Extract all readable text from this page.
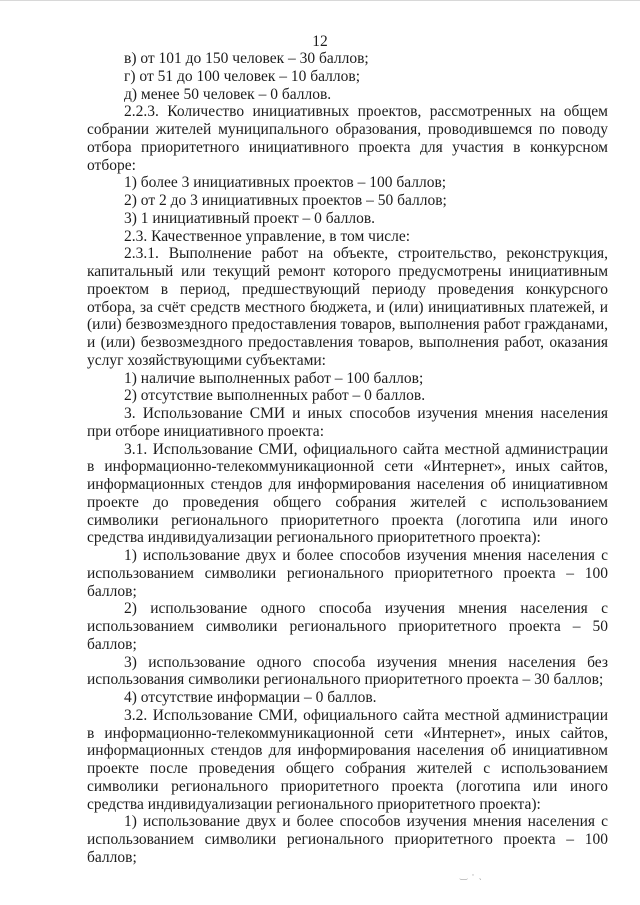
12

в) от 101 до 150 человек – 30 баллов;

г) от 51 до 100 человек – 10 баллов;

д) менее 50 человек – 0 баллов.

2.2.3. Количество инициативных проектов, рассмотренных на общем собрании жителей муниципального образования, проводившемся по поводу отбора приоритетного инициативного проекта для участия в конкурсном отборе:

1) более 3 инициативных проектов – 100 баллов;

2) от 2 до 3 инициативных проектов – 50 баллов;

3) 1 инициативный проект – 0 баллов.

2.3. Качественное управление, в том числе:

2.3.1. Выполнение работ на объекте, строительство, реконструкция, капитальный или текущий ремонт которого предусмотрены инициативным проектом в период, предшествующий периоду проведения конкурсного отбора, за счёт средств местного бюджета, и (или) инициативных платежей, и (или) безвозмездного предоставления товаров, выполнения работ гражданами, и (или) безвозмездного предоставления товаров, выполнения работ, оказания услуг хозяйствующими субъектами:

1) наличие выполненных работ – 100 баллов;

2) отсутствие выполненных работ – 0 баллов.

3. Использование СМИ и иных способов изучения мнения населения при отборе инициативного проекта:

3.1. Использование СМИ, официального сайта местной администрации в информационно-телекоммуникационной сети «Интернет», иных сайтов, информационных стендов для информирования населения об инициативном проекте до проведения общего собрания жителей с использованием символики регионального приоритетного проекта (логотипа или иного средства индивидуализации регионального приоритетного проекта):

1) использование двух и более способов изучения мнения населения с использованием символики регионального приоритетного проекта – 100 баллов;

2) использование одного способа изучения мнения населения с использованием символики регионального приоритетного проекта – 50 баллов;

3) использование одного способа изучения мнения населения без использования символики регионального приоритетного проекта – 30 баллов;

4) отсутствие информации – 0 баллов.

3.2. Использование СМИ, официального сайта местной администрации в информационно-телекоммуникационной сети «Интернет», иных сайтов, информационных стендов для информирования населения об инициативном проекте после проведения общего собрания жителей с использованием символики регионального приоритетного проекта (логотипа или иного средства индивидуализации регионального приоритетного проекта):

1) использование двух и более способов изучения мнения населения с использованием символики регионального приоритетного проекта – 100 баллов;

‿ · ˎ
